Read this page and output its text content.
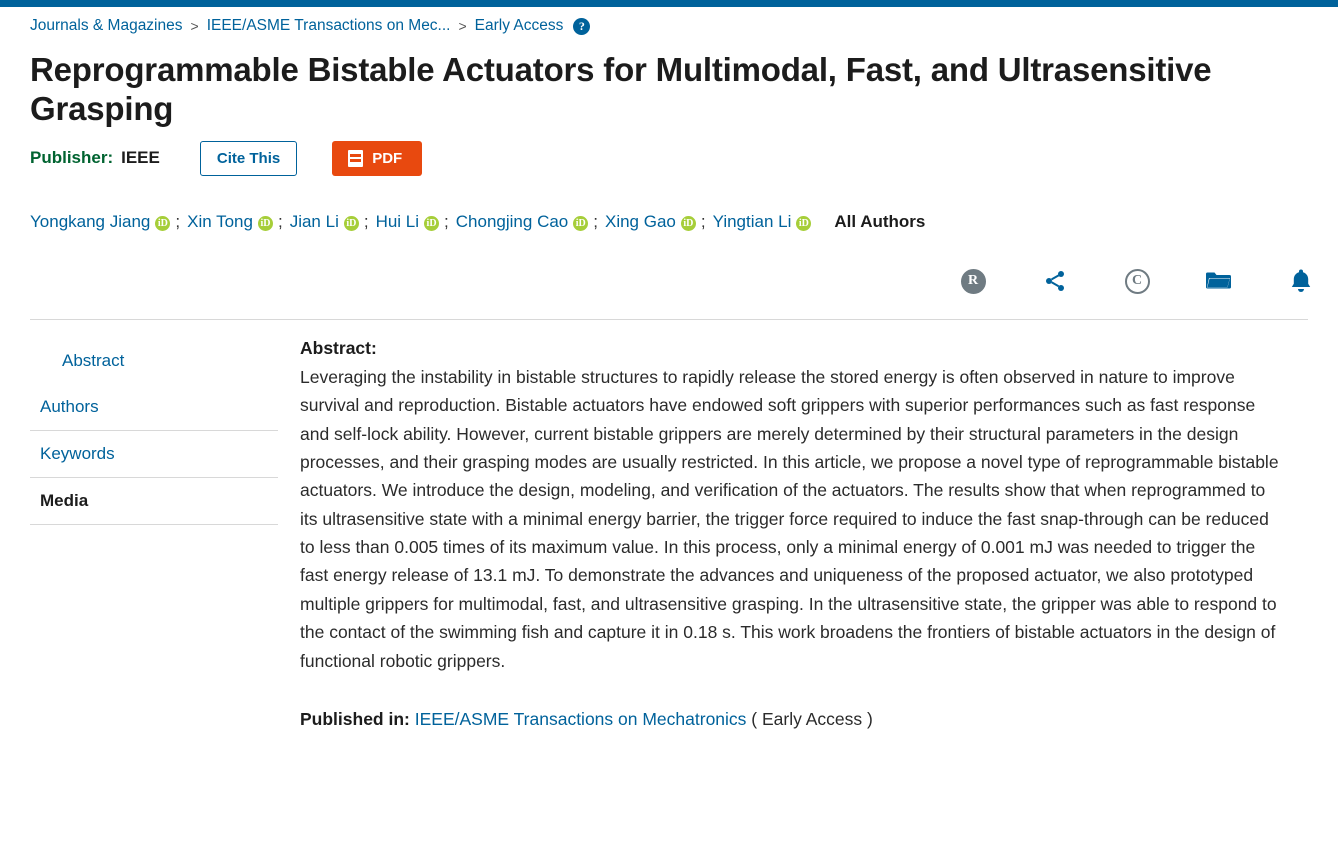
Journals & Magazines > IEEE/ASME Transactions on Mec... > Early Access	?
Reprogrammable Bistable Actuators for Multimodal, Fast, and Ultrasensitive Grasping
Publisher: IEEE	Cite This	PDF
Yongkang Jiang iD ; Xin Tong iD ; Jian Li iD ; Hui Li iD ; Chongjing Cao iD ; Xing Gao iD ; Yingtian Li iD All Authors
R	C
Abstract
Authors
Keywords
Media
Abstract:
Leveraging the instability in bistable structures to rapidly release the stored energy is often observed in nature to improve survival and reproduction. Bistable actuators have endowed soft grippers with superior performances such as fast response and self-lock ability. However, current bistable grippers are merely determined by their structural parameters in the design processes, and their grasping modes are usually restricted. In this article, we propose a novel type of reprogrammable bistable actuators. We introduce the design, modeling, and verification of the actuators. The results show that when reprogrammed to its ultrasensitive state with a minimal energy barrier, the trigger force required to induce the fast snap-through can be reduced to less than 0.005 times of its maximum value. In this process, only a minimal energy of 0.001 mJ was needed to trigger the fast energy release of 13.1 mJ. To demonstrate the advances and uniqueness of the proposed actuator, we also prototyped multiple grippers for multimodal, fast, and ultrasensitive grasping. In the ultrasensitive state, the gripper was able to respond to the contact of the swimming fish and capture it in 0.18 s. This work broadens the frontiers of bistable actuators in the design of functional robotic grippers.
Published in: IEEE/ASME Transactions on Mechatronics ( Early Access )
